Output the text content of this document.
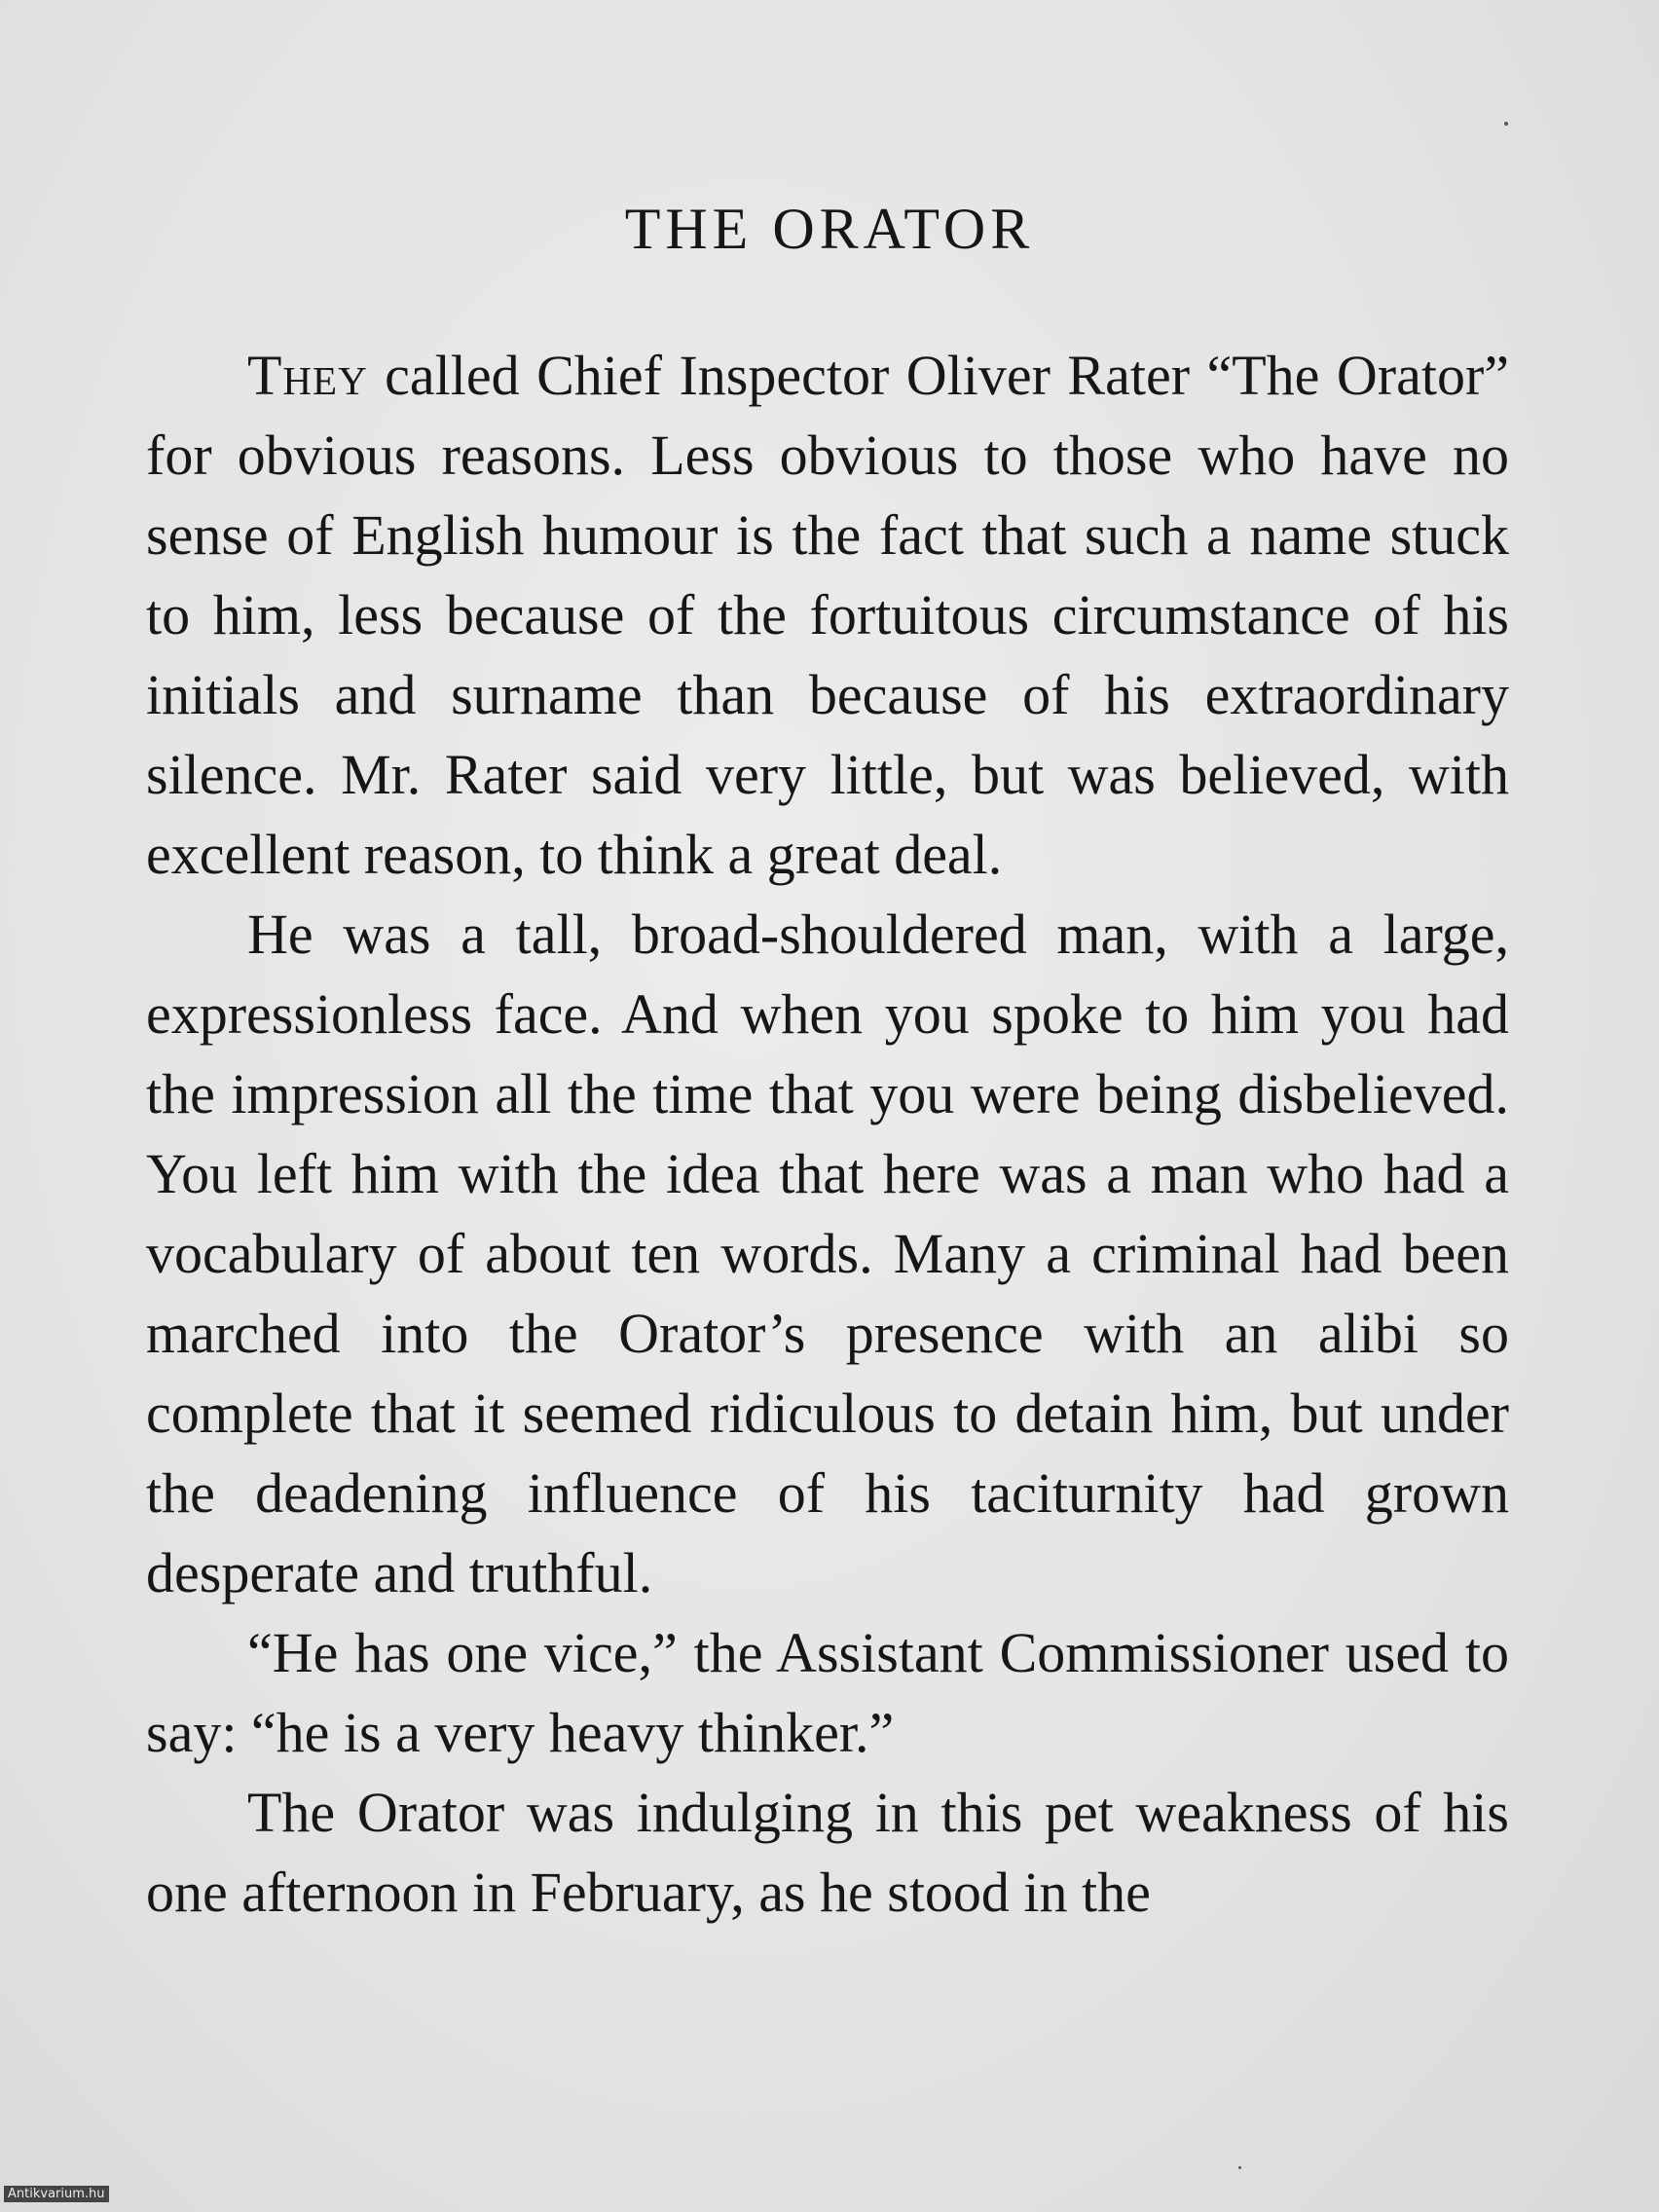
THE ORATOR

They called Chief Inspector Oliver Rater “The Orator” for obvious reasons. Less obvious to those who have no sense of English humour is the fact that such a name stuck to him, less because of the fortuitous circumstance of his initials and surname than because of his extraordinary silence. Mr. Rater said very little, but was believed, with excellent reason, to think a great deal.

He was a tall, broad-shouldered man, with a large, expressionless face. And when you spoke to him you had the impression all the time that you were being disbelieved. You left him with the idea that here was a man who had a vocabulary of about ten words. Many a criminal had been marched into the Orator’s presence with an alibi so complete that it seemed ridiculous to detain him, but under the deadening influence of his taciturnity had grown desperate and truthful.

“He has one vice,” the Assistant Commissioner used to say: “he is a very heavy thinker.”

The Orator was indulging in this pet weakness of his one afternoon in February, as he stood in the

Antikvarium.hu
